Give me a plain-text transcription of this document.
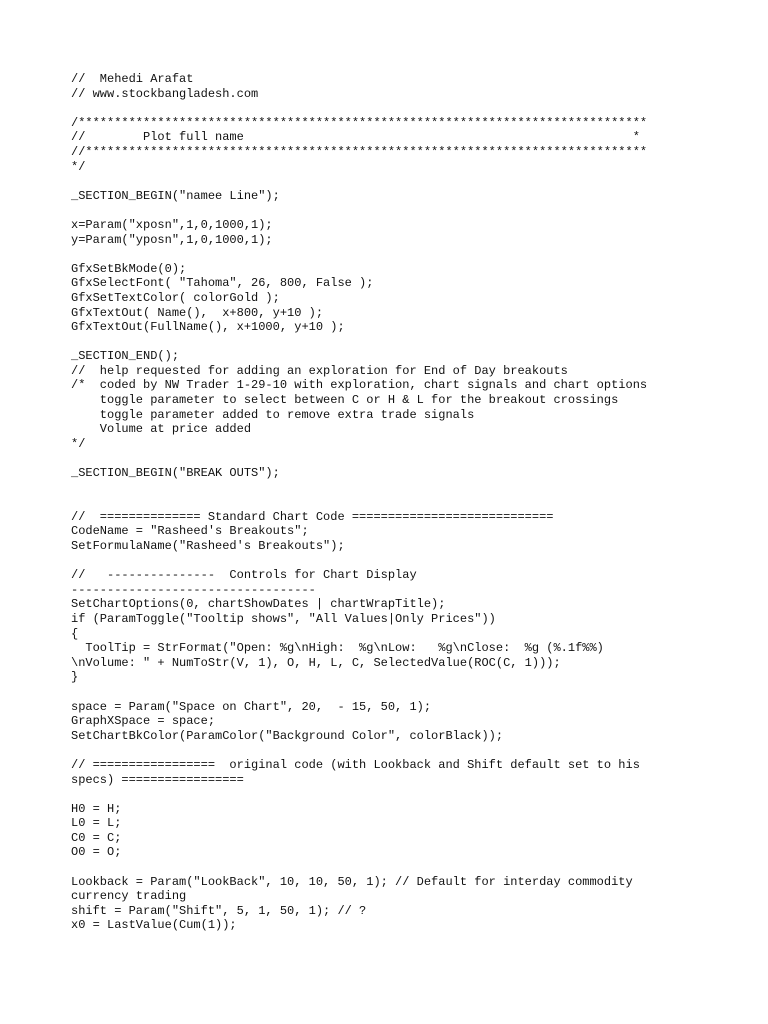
//  Mehedi Arafat
// www.stockbangladesh.com
/*******************************************************************************
//        Plot full name                                                      *
//******************************************************************************
*/
_SECTION_BEGIN("namee Line");
x=Param("xposn",1,0,1000,1);
y=Param("yposn",1,0,1000,1);
GfxSetBkMode(0);
GfxSelectFont( "Tahoma", 26, 800, False );
GfxSetTextColor( colorGold );
GfxTextOut( Name(),  x+800, y+10 );
GfxTextOut(FullName(), x+1000, y+10 );
_SECTION_END();
//  help requested for adding an exploration for End of Day breakouts
/*  coded by NW Trader 1-29-10 with exploration, chart signals and chart options
toggle parameter to select between C or H & L for the breakout crossings
toggle parameter added to remove extra trade signals
Volume at price added
*/
_SECTION_BEGIN("BREAK OUTS");
//  ============== Standard Chart Code ============================
CodeName = "Rasheed's Breakouts";
SetFormulaName("Rasheed's Breakouts");
//   ---------------  Controls for Chart Display
----------------------------------
SetChartOptions(0, chartShowDates | chartWrapTitle);
if (ParamToggle("Tooltip shows", "All Values|Only Prices"))
{
ToolTip = StrFormat("Open: %g\nHigh:  %g\nLow:   %g\nClose:  %g (%.1f%%)
\nVolume: " + NumToStr(V, 1), O, H, L, C, SelectedValue(ROC(C, 1)));
}
space = Param("Space on Chart", 20,  - 15, 50, 1);
GraphXSpace = space;
SetChartBkColor(ParamColor("Background Color", colorBlack));
// =================  original code (with Lookback and Shift default set to his
specs) =================
H0 = H;
L0 = L;
C0 = C;
O0 = O;
Lookback = Param("LookBack", 10, 10, 50, 1); // Default for interday commodity
currency trading
shift = Param("Shift", 5, 1, 50, 1); // ?
x0 = LastValue(Cum(1));
